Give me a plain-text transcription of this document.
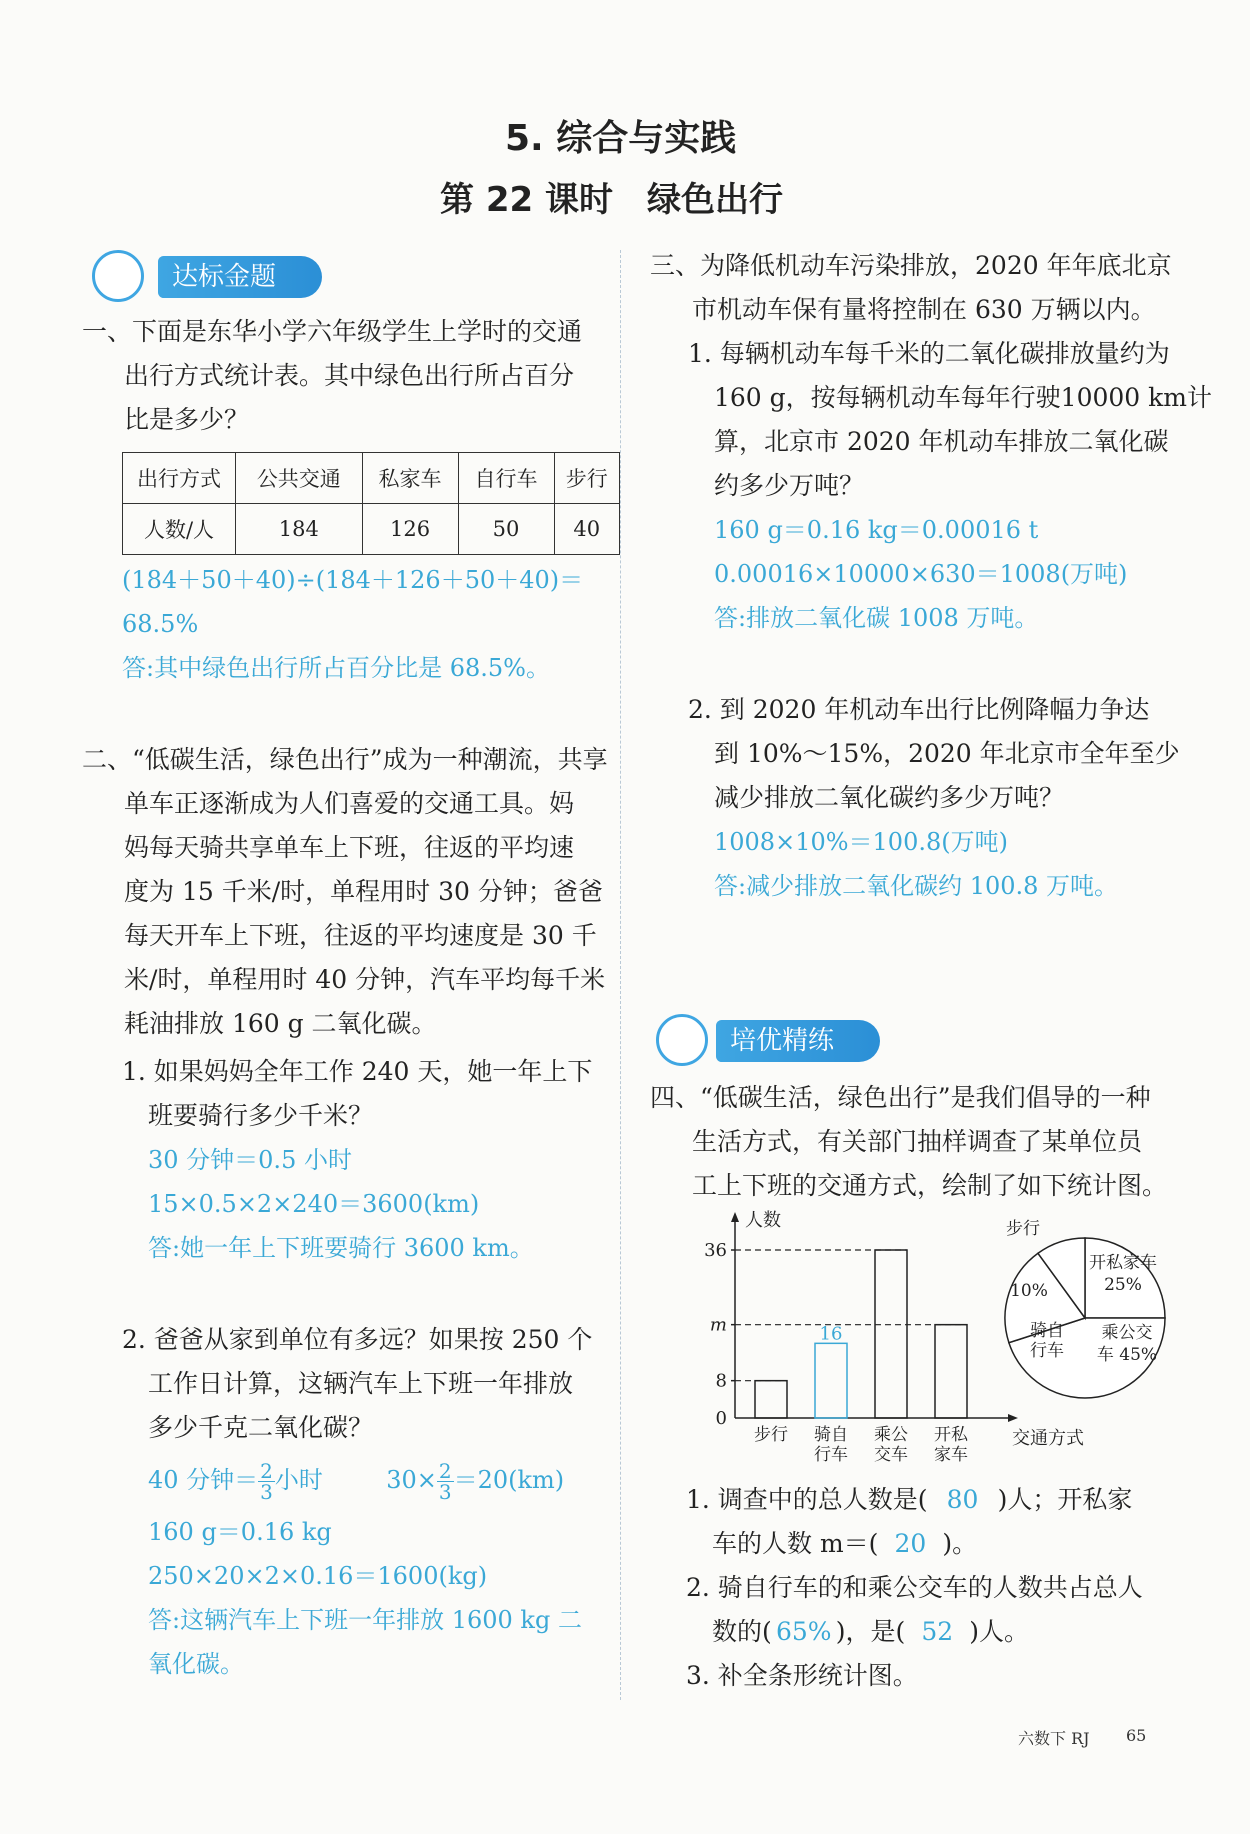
5. 综合与实践
第 22 课时　绿色出行
达标金题
一、下面是东华小学六年级学生上学时的交通
出行方式统计表。其中绿色出行所占百分
比是多少？
出行方式	公共交通	私家车	自行车	步行
人数/人	184	126	50	40
(184＋50＋40)÷(184＋126＋50＋40)＝
68.5%
答:其中绿色出行所占百分比是 68.5%。
二、“低碳生活，绿色出行”成为一种潮流，共享
单车正逐渐成为人们喜爱的交通工具。妈
妈每天骑共享单车上下班，往返的平均速
度为 15 千米/时，单程用时 30 分钟；爸爸
每天开车上下班，往返的平均速度是 30 千
米/时，单程用时 40 分钟，汽车平均每千米
耗油排放 160 g 二氧化碳。
1. 如果妈妈全年工作 240 天，她一年上下
班要骑行多少千米？
30 分钟＝0.5 小时
15×0.5×2×240＝3600(km)
答:她一年上下班要骑行 3600 km。
2. 爸爸从家到单位有多远？如果按 250 个
工作日计算，这辆汽车上下班一年排放
多少千克二氧化碳？
40 分钟＝ $\frac{2}{3}$ 小时	$30\times \frac{2}{3} =20(km)$
160 g＝0.16 kg
250×20×2×0.16＝1600(kg)
答:这辆汽车上下班一年排放 1600 kg 二
氧化碳。
三、为降低机动车污染排放，2020 年年底北京
市机动车保有量将控制在 630 万辆以内。
1. 每辆机动车每千米的二氧化碳排放量约为
160 g，按每辆机动车每年行驶10000 km计
算，北京市 2020 年机动车排放二氧化碳
约多少万吨？
160 g＝0.16 kg＝0.00016 t
0.00016×10000×630＝1008(万吨)
答:排放二氧化碳 1008 万吨。
2. 到 2020 年机动车出行比例降幅力争达
到 10%～15%，2020 年北京市全年至少
减少排放二氧化碳约多少万吨？
1008×10%＝100.8(万吨)
答:减少排放二氧化碳约 100.8 万吨。
培优精练
四、“低碳生活，绿色出行”是我们倡导的一种
生活方式，有关部门抽样调查了某单位员
工上下班的交通方式，绘制了如下统计图。
人数
交通方式
0
8
m
36
步行 骑自
行车
16
乘公
交车
开私
家车
开私家车
25%
乘公交
车 45%
骑自
行车
10%
步行
1. 调查中的总人数是( 80 )人；开私家
车的人数 m＝( 20 )。
2. 骑自行车的和乘公交车的人数共占总人
数的( 65% )，是( 52 )人。
3. 补全条形统计图。
六数下 RJ 65
